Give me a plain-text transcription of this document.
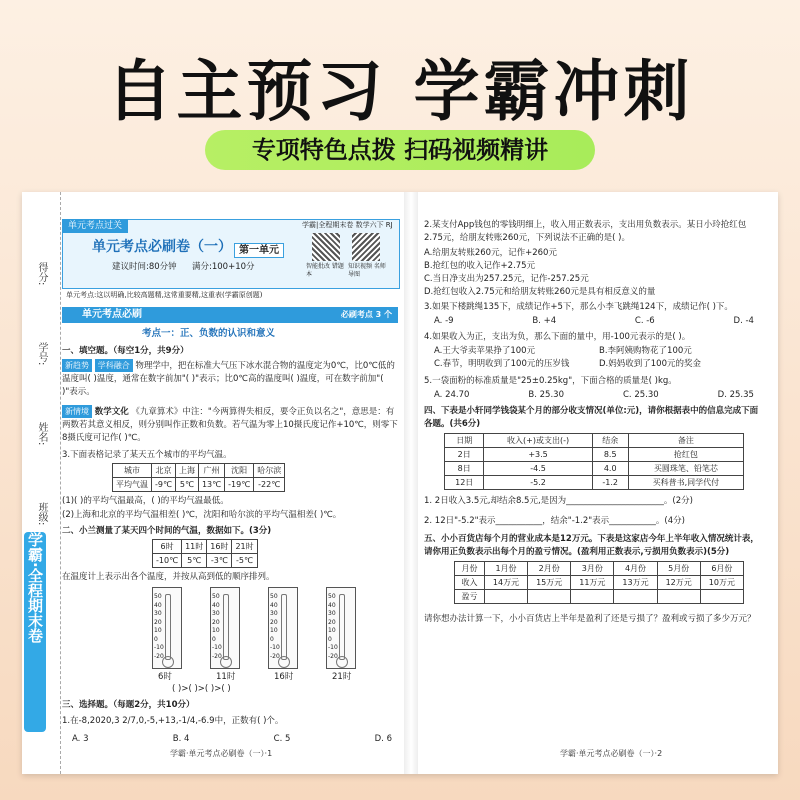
自主预习 学霸冲刺
专项特色点拨 扫码视频精讲
学霸·全程期末卷
得分:
学号:
姓名:
班级:
单元考点过关	学霸|全程期末卷 数学六下 RJ
单元考点必刷卷（一） 第一单元
建议时间:80分钟 满分:100+10分	智能批改 错题本
知识视频 名师导图
单元考点:这以明确,比较高题精,这常重要精,这重表(学霸原创题)
单元考点必刷	必刷考点 3 个
考点一：正、负数的认识和意义
一、填空题。（每空1分，共9分）
新趋势 学科融合 物理学中，把在标准大气压下冰水混合物的温度定为0℃，比0℃低的温度叫( )温度，通常在数字前加"( )"表示；比0℃高的温度叫( )温度，可在数字前加"( )"表示。
新情境 数学文化 《九章算术》中注："今两算得失相反，要令正负以名之"，意思是：有两数若其意义相反，则分别叫作正数和负数。若气温为零上10摄氏度记作+10℃，则零下8摄氏度可记作( )℃。
3.下面表格记录了某天五个城市的平均气温。
城市	北京	上海	广州	沈阳	哈尔滨
平均气温	-9℃	5℃	13℃	-19℃	-22℃
(1)( )的平均气温最高，( )的平均气温最低。
(2)上海和北京的平均气温相差( )℃，沈阳和哈尔滨的平均气温相差( )℃。
二、小兰测量了某天四个时间的气温，数据如下。(3分)
6时	11时	16时	21时
-10℃	5℃	-3℃	-5℃
在温度计上表示出各个温度，并按从高到低的顺序排列。
50
40
30
20
10
0
-10
-20
6时
50
40
30
20
10
0
-10
-20
11时
50
40
30
20
10
0
-10
-20
16时
50
40
30
20
10
0
-10
-20
21时
( )>( )>( )>( )
三、选择题。（每题2分，共10分）
1.在-8,2020,3 2/7,0,-5,+13,-1/4,-6.9中，正数有( )个。
A. 3	B. 4	C. 5	D. 6
学霸·单元考点必刷卷（一）·1
2.某支付App钱包的零钱明细上，收入用正数表示，支出用负数表示。某日小玲抢红包2.75元，给朋友转账260元，下列说法不正确的是( )。
A.给朋友转账260元，记作+260元
B.抢红包的收入记作+2.75元
C.当日净支出为257.25元，记作-257.25元
D.抢红包收入2.75元和给朋友转账260元是具有相反意义的量
3.如果下楼跳绳135下，成绩记作+5下，那么小李飞跳绳124下，成绩记作( )下。
A. -9	B. +4	C. -6	D. -4
4.如果收入为正，支出为负，那么下面的量中，用-100元表示的是( )。
A.王大爷卖苹果挣了100元	B.李阿姨购物花了100元
C.春节，明明收到了100元的压岁钱	D.妈妈收到了100元的奖金
5.一袋面粉的标准质量是"25±0.25kg"，下面合格的质量是( )kg。
A. 24.70	B. 25.30	C. 25.30	D. 25.35
四、下表是小轩同学钱袋某个月的部分收支情况(单位:元)，请你根据表中的信息完成下面各题。(共6分)
日期	收入(+)或支出(-)	结余	备注
2日	+3.5	8.5	抢红包
8日	-4.5	4.0	买圆珠笔、铅笔芯
12日	-5.2	-1.2	买科普书,同学代付
1. 2日收入3.5元,却结余8.5元,是因为_______________________。(2分)
2. 12日"-5.2"表示___________，结余"-1.2"表示___________。(4分)
五、小小百货店每个月的营业成本是12万元。下表是这家店今年上半年收入情况统计表，请你用正负数表示出每个月的盈亏情况。(盈利用正数表示,亏损用负数表示)(5分)
月份	1月份	2月份	3月份	4月份	5月份	6月份
收入	14万元	15万元	11万元	13万元	12万元	10万元
盈亏						
请你想办法计算一下，小小百货店上半年是盈利了还是亏损了？盈利或亏损了多少万元？
学霸·单元考点必刷卷（一）·2
